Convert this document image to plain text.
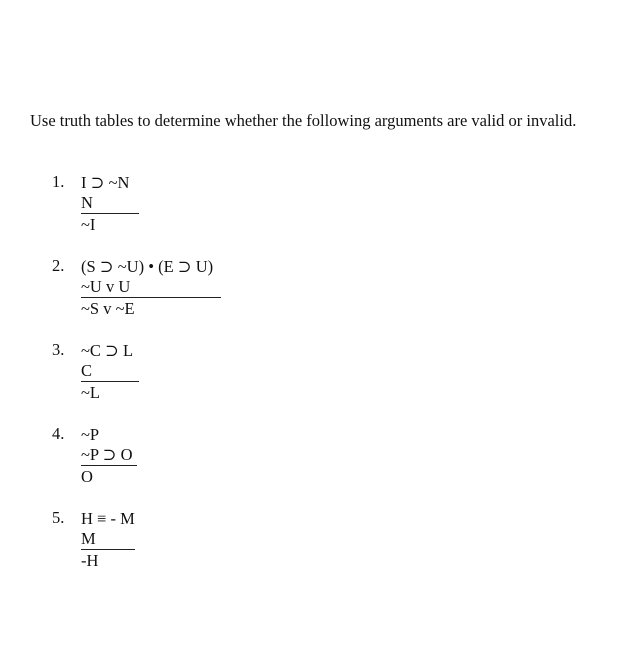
Use truth tables to determine whether the following arguments are valid or invalid.

1. I ⊃ ~N
N
~I
2. (S ⊃ ~U) • (E ⊃ U)
~U v U
~S v ~E
3. ~C ⊃ L
C
~L
4. ~P
~P ⊃ O
O
5. H ≡ - M
M
-H
